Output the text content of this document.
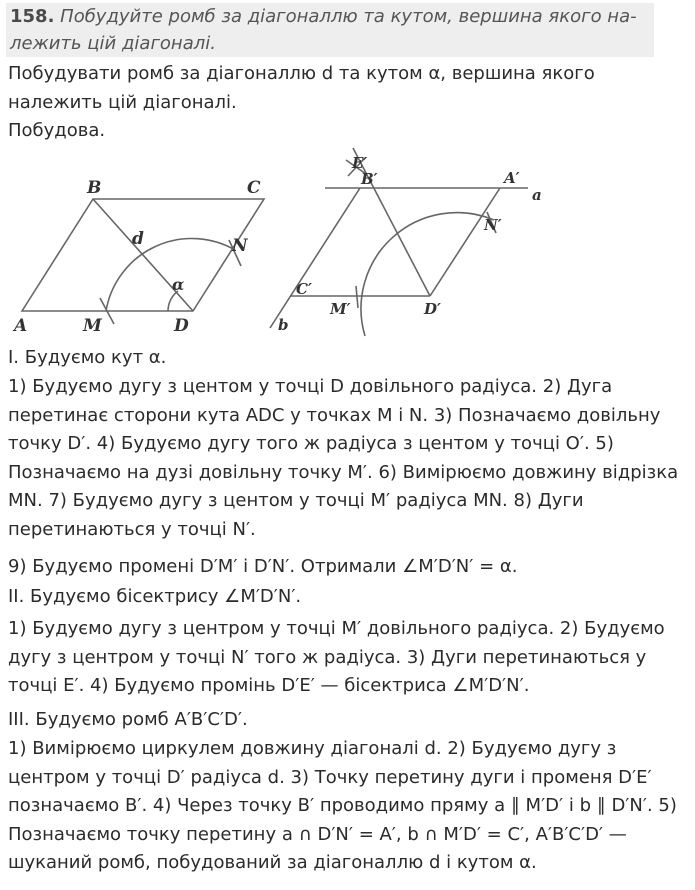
158. Побудуйте ромб за діагоналлю та кутом, вершина якого на-
лежить цій діагоналі.

Побудувати ромб за діагоналлю d та кутом α, вершина якого
належить цій діагоналі.
Побудова.

B	C
A	M	D
N
d
α
E′
B′	A′
a
N′
C′
M′	D′
b

I. Будуємо кут α.

1) Будуємо дугу з центом у точці D довільного радіуса. 2) Дуга перетинає сторони кута ADC у точках M і N. 3) Позначаємо довільну точку D′. 4) Будуємо дугу того ж радіуса з центом у точці O′. 5) Позначаємо на дузі довільну точку M′. 6) Вимірюємо довжину відрізка MN. 7) Будуємо дугу з центом у точці M′ радіуса MN. 8) Дуги перетинаються у точці N′.

9) Будуємо промені D′M′ і D′N′. Отримали ∠M′D′N′ = α.

II. Будуємо бісектрису ∠M′D′N′.

1) Будуємо дугу з центром у точці M′ довільного радіуса. 2) Будуємо дугу з центром у точці N′ того ж радіуса. 3) Дуги перетинаються у точці E′. 4) Будуємо промінь D′E′ — бісектриса ∠M′D′N′.

III. Будуємо ромб A′B′C′D′.

1) Вимірюємо циркулем довжину діагоналі d. 2) Будуємо дугу з центром у точці D′ радіуса d. 3) Точку перетину дуги і променя D′E′ позначаємо B′. 4) Через точку B′ проводимо пряму a ∥ M′D′ і b ∥ D′N′. 5) Позначаємо точку перетину a ∩ D′N′ = A′, b ∩ M′D′ = C′, A′B′C′D′ — шуканий ромб, побудований за діагоналлю d і кутом α.
